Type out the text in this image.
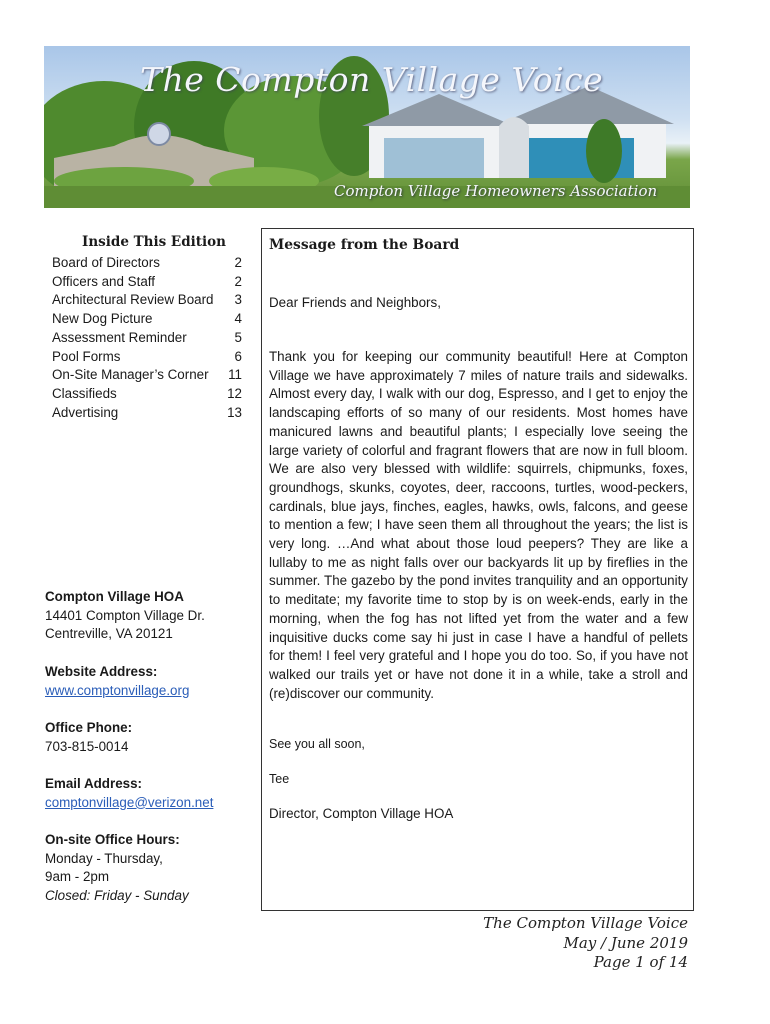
The Compton Village Voice
Compton Village Homeowners Association
Inside This Edition
Board of Directors	2
Officers and Staff	2
Architectural Review Board 3
New Dog Picture	4
Assessment Reminder	5
Pool Forms	6
On-Site Manager’s Corner 11
Classifieds	12
Advertising	13
Compton Village HOA
14401 Compton Village Dr.
Centreville, VA 20121
Website Address:
www.comptonvillage.org
Office Phone:
703-815-0014
Email Address:
comptonvillage@verizon.net
On-site Office Hours:
Monday - Thursday,
9am - 2pm
Closed: Friday - Sunday
Message from the Board
Dear Friends and Neighbors,
Thank you for keeping our community beautiful! Here at Compton Village we have approximately 7 miles of nature trails and sidewalks. Almost every day, I walk with our dog, Espresso, and I get to enjoy the landscaping efforts of so many of our residents. Most homes have manicured lawns and beautiful plants; I especially love seeing the large variety of colorful and fragrant flowers that are now in full bloom. We are also very blessed with wildlife: squirrels, chipmunks, foxes, groundhogs, skunks, coyotes, deer, raccoons, turtles, wood-peckers, cardinals, blue jays, finches, eagles, hawks, owls, falcons, and geese to mention a few; I have seen them all throughout the years; the list is very long. …And what about those loud peepers? They are like a lullaby to me as night falls over our backyards lit up by fireflies in the summer. The gazebo by the pond invites tranquility and an opportunity to meditate; my favorite time to stop by is on week-ends, early in the morning, when the fog has not lifted yet from the water and a few inquisitive ducks come say hi just in case I have a handful of pellets for them! I feel very grateful and I hope you do too. So, if you have not walked our trails yet or have not done it in a while, take a stroll and (re)discover our community.
See you all soon,
Tee
Director, Compton Village HOA
The Compton Village Voice
May / June 2019
Page 1 of 14
